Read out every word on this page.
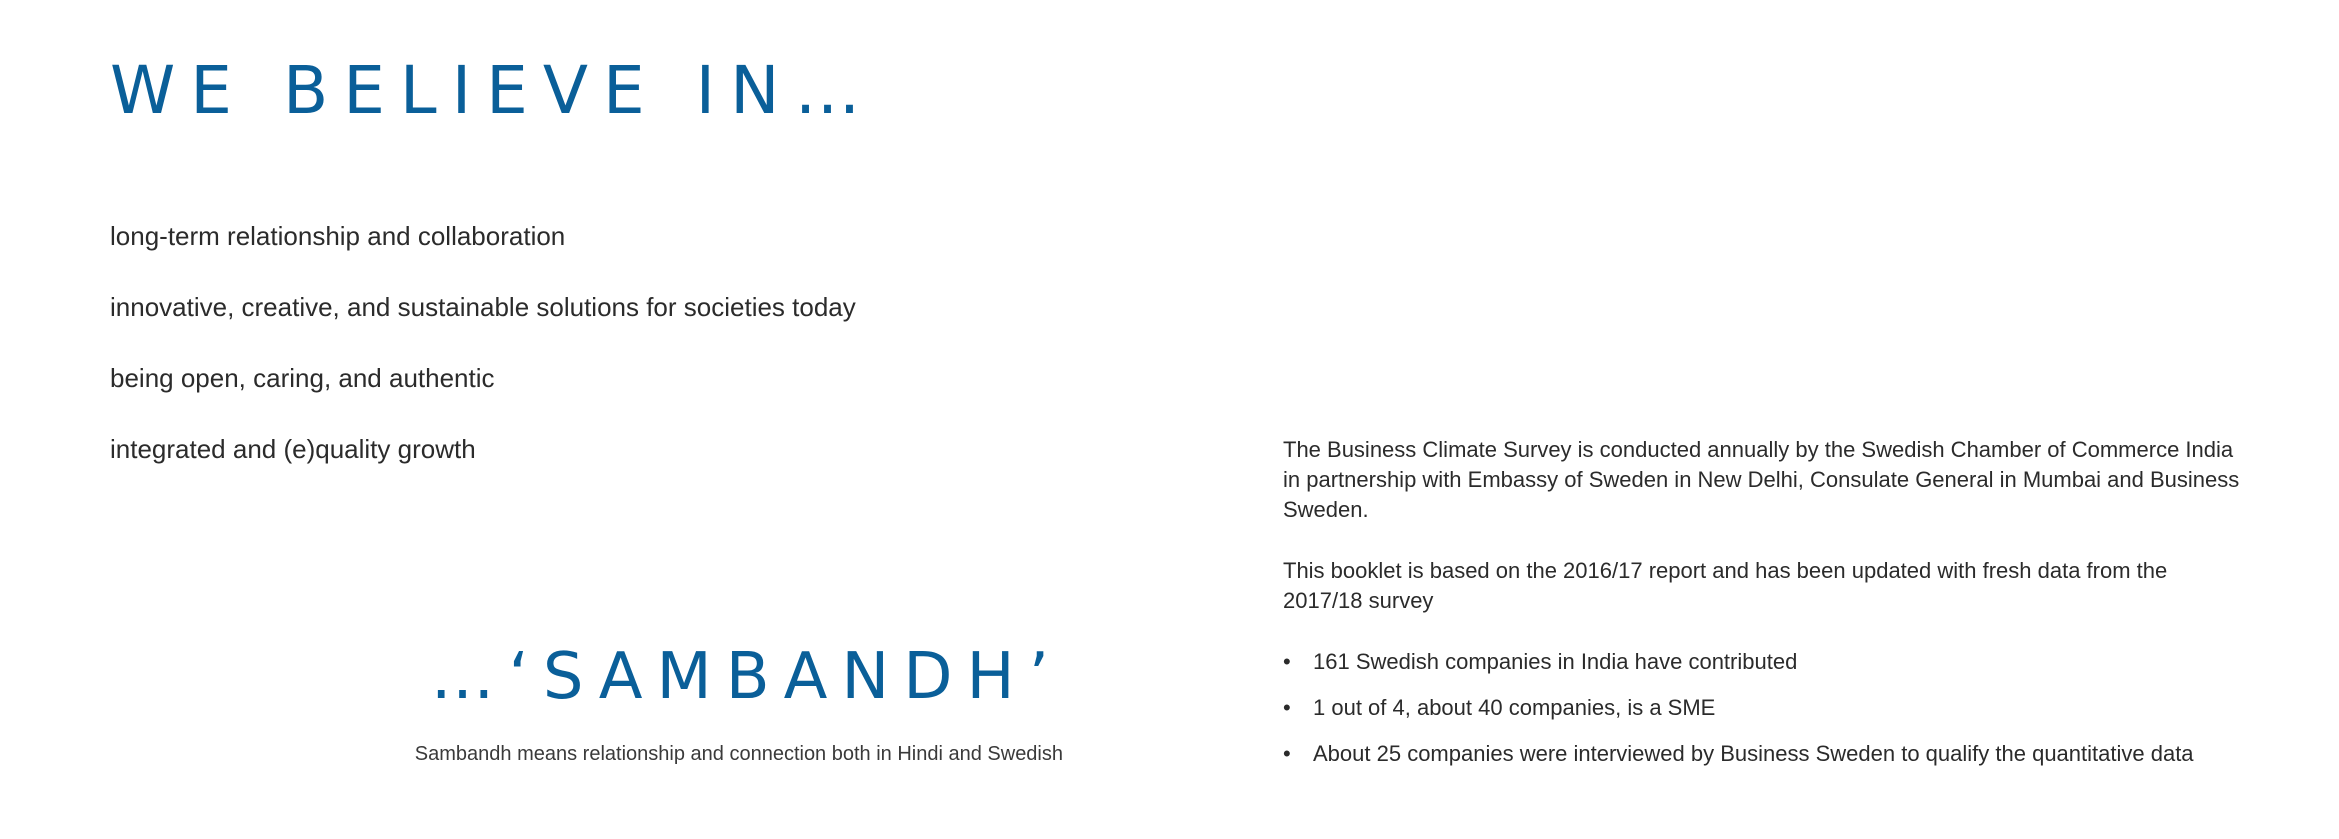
WE BELIEVE IN…
long-term relationship and collaboration
innovative, creative, and sustainable solutions for societies today
being open, caring, and authentic
integrated and (e)quality growth
…‘SAMBANDH’

Sambandh means relationship and connection both in Hindi and Swedish

The Business Climate Survey is conducted annually by the Swedish Chamber of Commerce India in partnership with Embassy of Sweden in New Delhi, Consulate General in Mumbai and Business Sweden.

This booklet is based on the 2016/17 report and has been updated with fresh data from the 2017/18 survey

• 161 Swedish companies in India have contributed
• 1 out of 4, about 40 companies, is a SME
• About 25 companies were interviewed by Business Sweden to qualify the quantitative data
